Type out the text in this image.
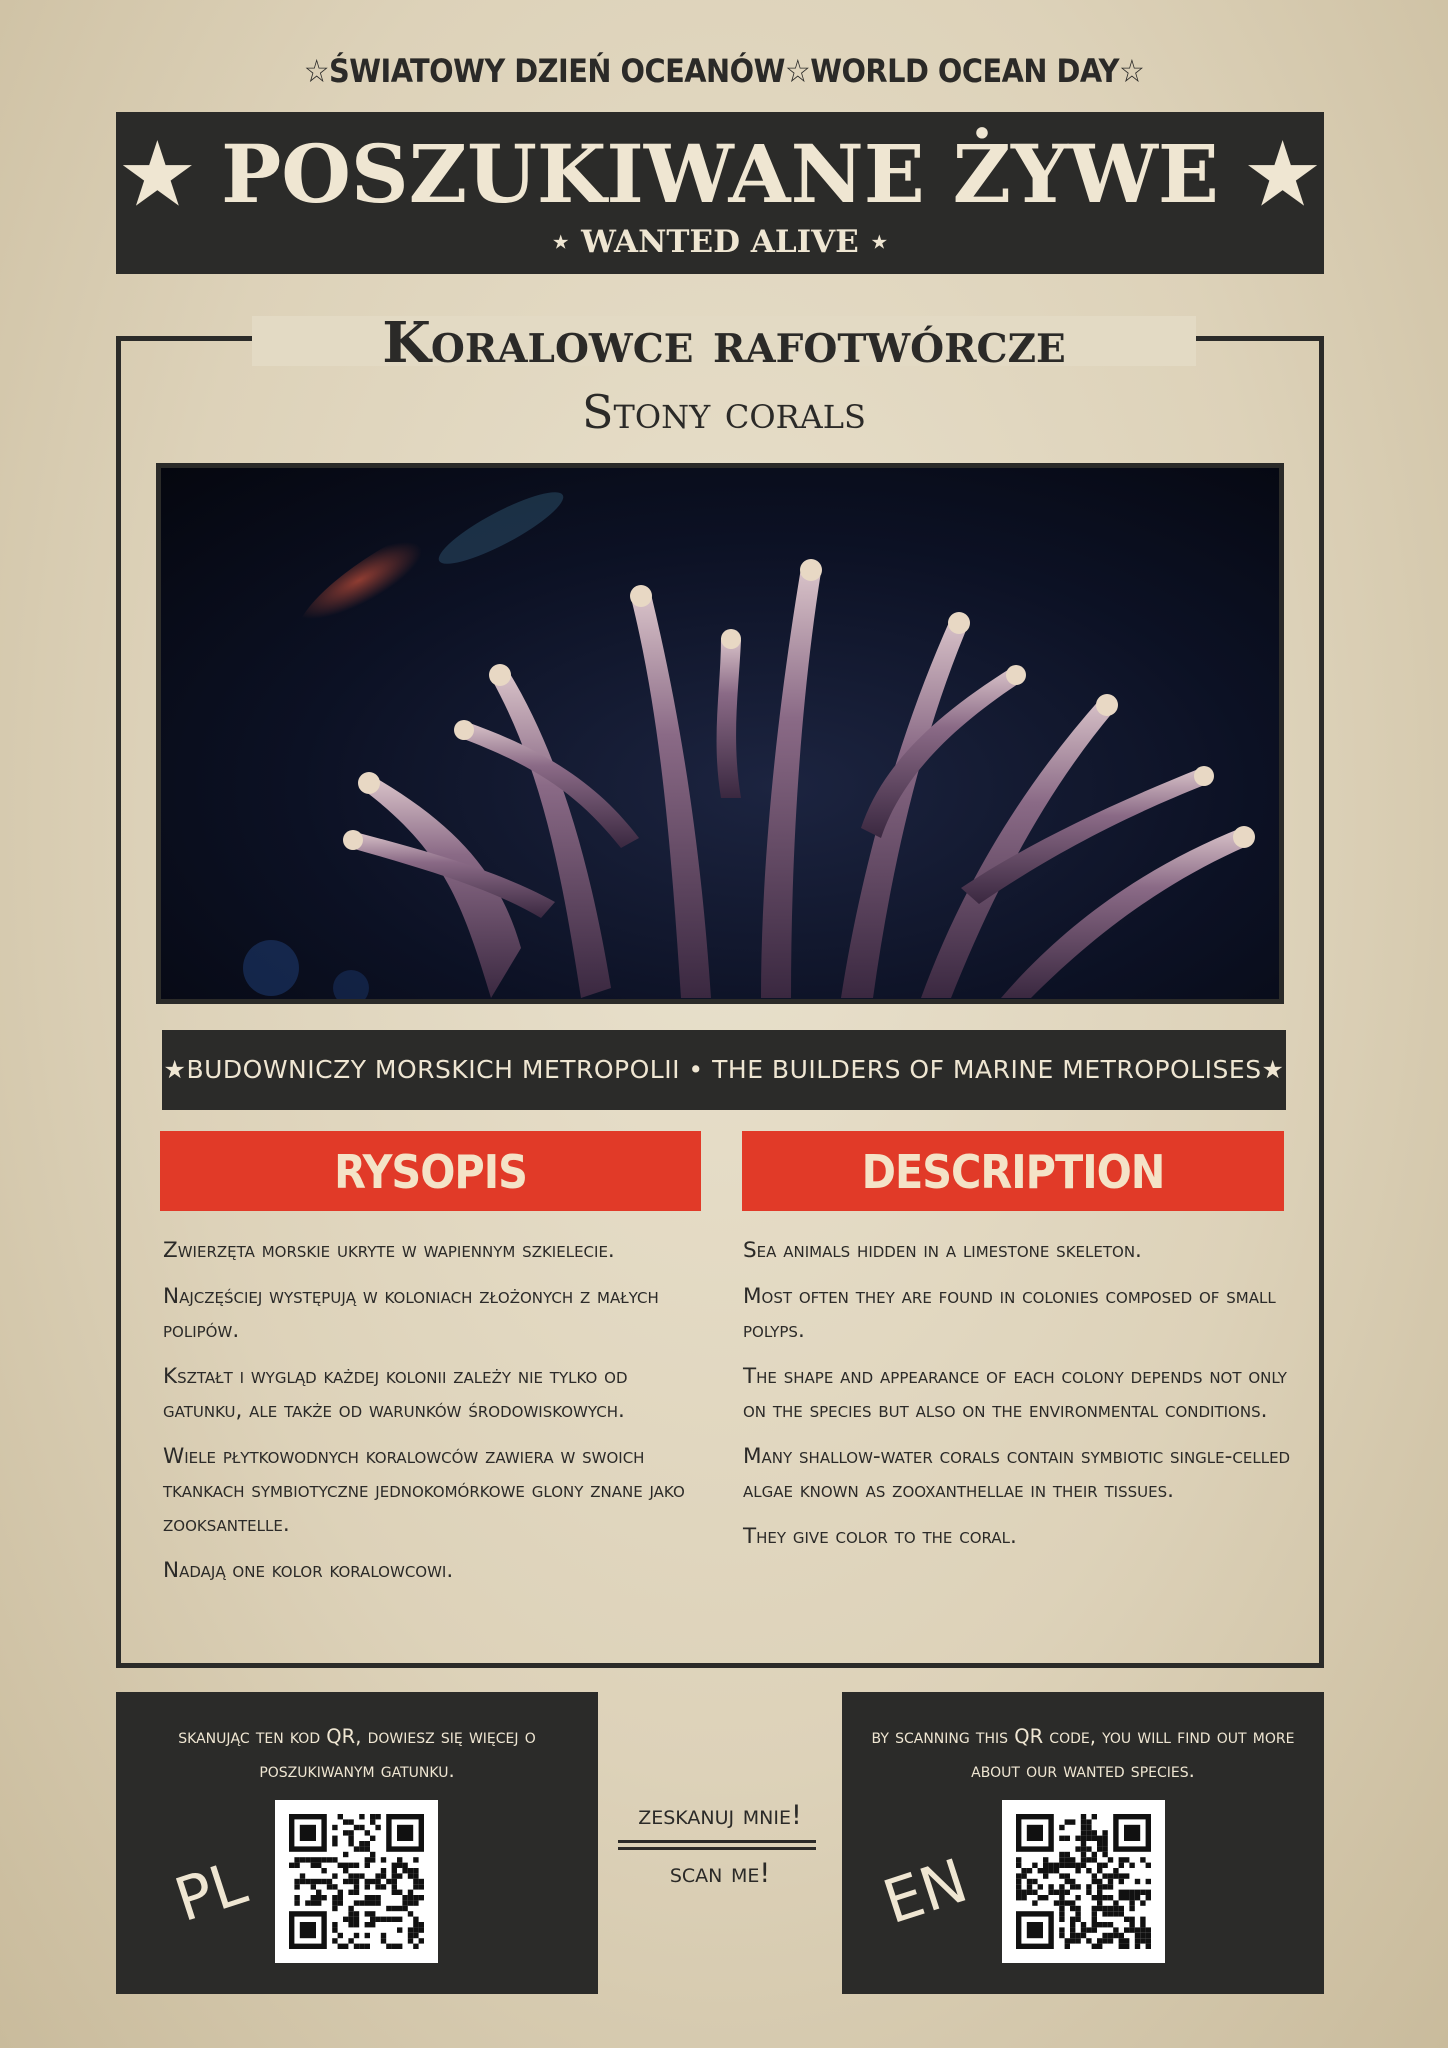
☆ŚWIATOWY DZIEŃ OCEANÓW☆WORLD OCEAN DAY☆
★ POSZUKIWANE ŻYWE ★
⋆ WANTED ALIVE ⋆
Koralowce rafotwórcze
Stony corals
★BUDOWNICZY MORSKICH METROPOLII • THE BUILDERS OF MARINE METROPOLISES★
RYSOPIS	DESCRIPTION

Zwierzęta morskie ukryte w wapiennym szkielecie.

Najczęściej występują w koloniach złożonych z małych polipów.

Kształt i wygląd każdej kolonii zależy nie tylko od gatunku, ale także od warunków środowiskowych.

Wiele płytkowodnych koralowców zawiera w swoich tkankach symbiotyczne jednokomórkowe glony znane jako zooksantelle.

Nadają one kolor koralowcowi.

Sea animals hidden in a limestone skeleton.

Most often they are found in colonies composed of small polyps.

The shape and appearance of each colony depends not only on the species but also on the environmental conditions.

Many shallow-water corals contain symbiotic single-celled algae known as zooxanthellae in their tissues.

They give color to the coral.

skanując ten kod QR, dowiesz się więcej o poszukiwanym gatunku.
PL
zeskanuj mnie!
scan me!
by scanning this QR code, you will find out more about our wanted species.
EN
